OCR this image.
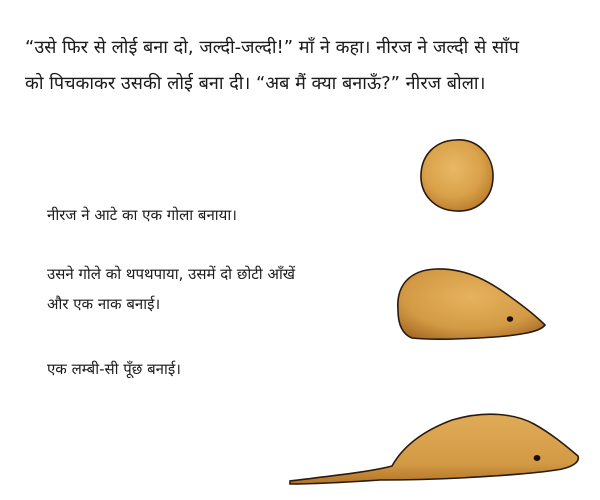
“उसे फिर से लोई बना दो, जल्दी-जल्दी!” माँ ने कहा। नीरज ने जल्दी से साँप
को पिचकाकर उसकी लोई बना दी। “अब मैं क्या बनाऊँ?” नीरज बोला।

नीरज ने आटे का एक गोला बनाया।

उसने गोले को थपथपाया, उसमें दो छोटी आँखें
और एक नाक बनाई।

एक लम्बी-सी पूँछ बनाई।
